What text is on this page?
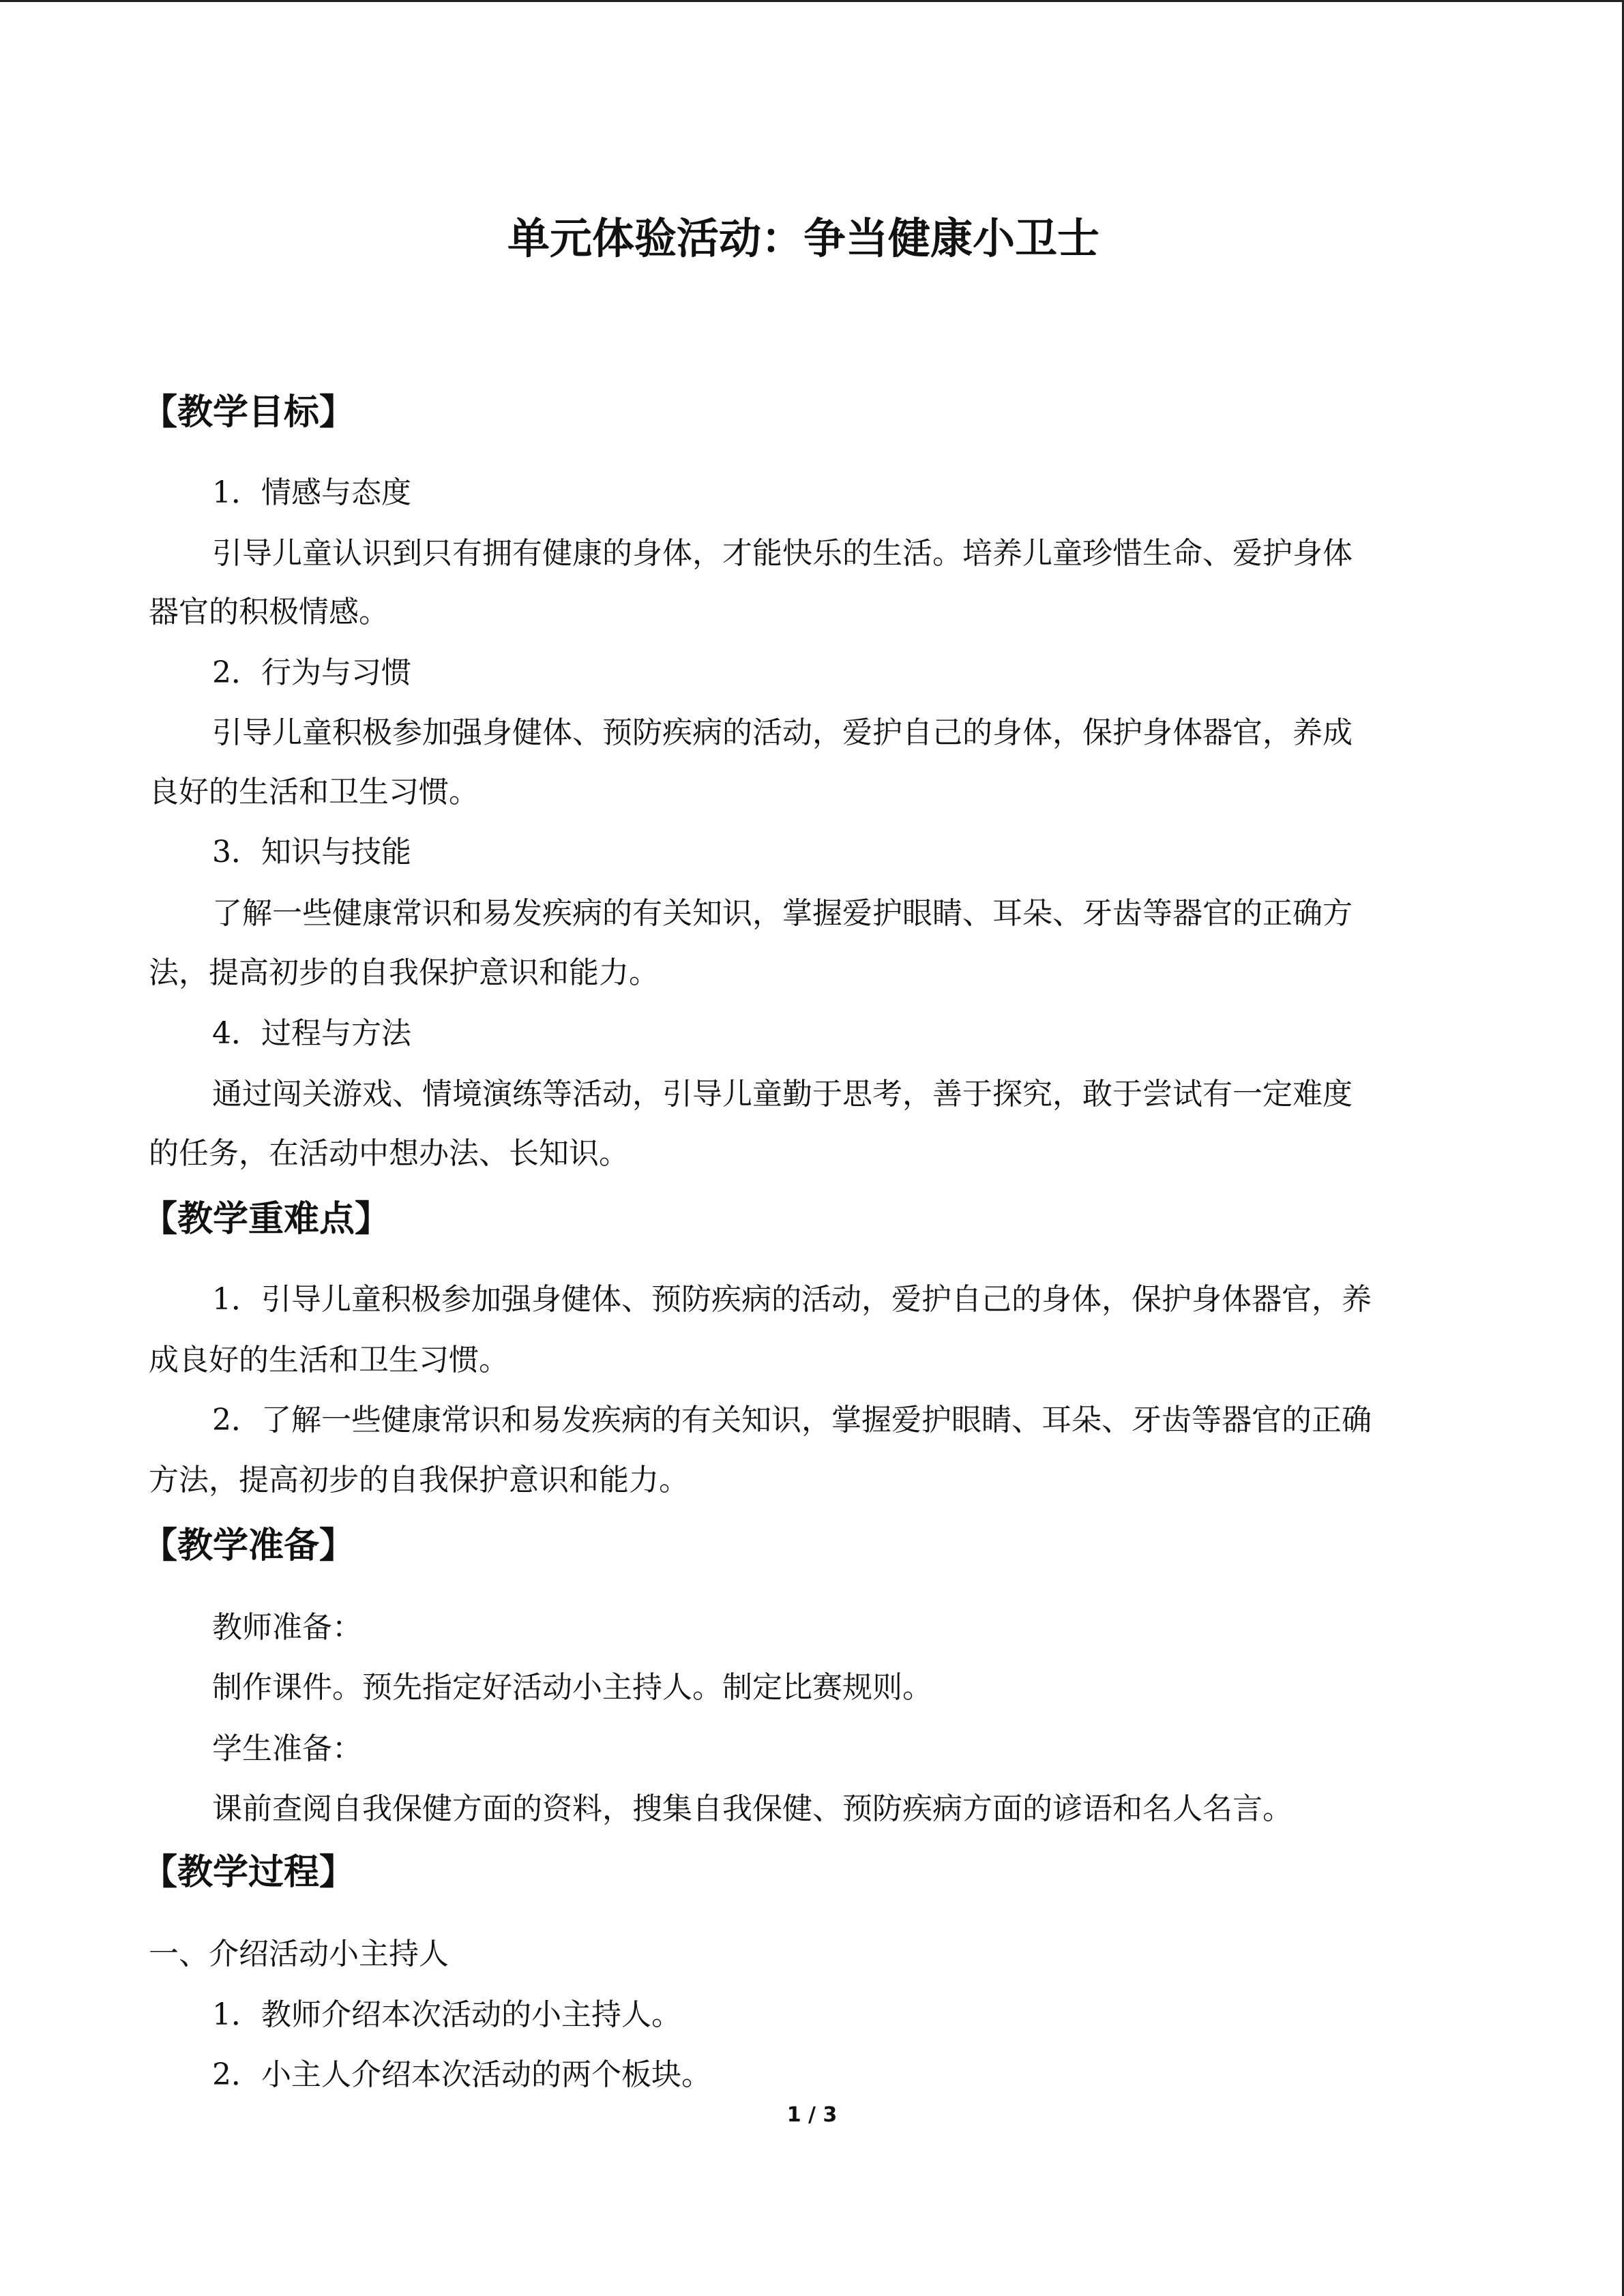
单元体验活动：争当健康小卫士
【教学目标】

1．情感与态度

引导儿童认识到只有拥有健康的身体，才能快乐的生活。培养儿童珍惜生命、爱护身体

器官的积极情感。

2．行为与习惯

引导儿童积极参加强身健体、预防疾病的活动，爱护自己的身体，保护身体器官，养成

良好的生活和卫生习惯。

3．知识与技能

了解一些健康常识和易发疾病的有关知识，掌握爱护眼睛、耳朵、牙齿等器官的正确方

法，提高初步的自我保护意识和能力。

4．过程与方法

通过闯关游戏、情境演练等活动，引导儿童勤于思考，善于探究，敢于尝试有一定难度

的任务，在活动中想办法、长知识。

【教学重难点】

1．引导儿童积极参加强身健体、预防疾病的活动，爱护自己的身体，保护身体器官，养

成良好的生活和卫生习惯。

2．了解一些健康常识和易发疾病的有关知识，掌握爱护眼睛、耳朵、牙齿等器官的正确

方法，提高初步的自我保护意识和能力。

【教学准备】

教师准备：

制作课件。预先指定好活动小主持人。制定比赛规则。

学生准备：

课前查阅自我保健方面的资料，搜集自我保健、预防疾病方面的谚语和名人名言。

【教学过程】

一、介绍活动小主持人

1．教师介绍本次活动的小主持人。

2．小主人介绍本次活动的两个板块。

1 / 3
